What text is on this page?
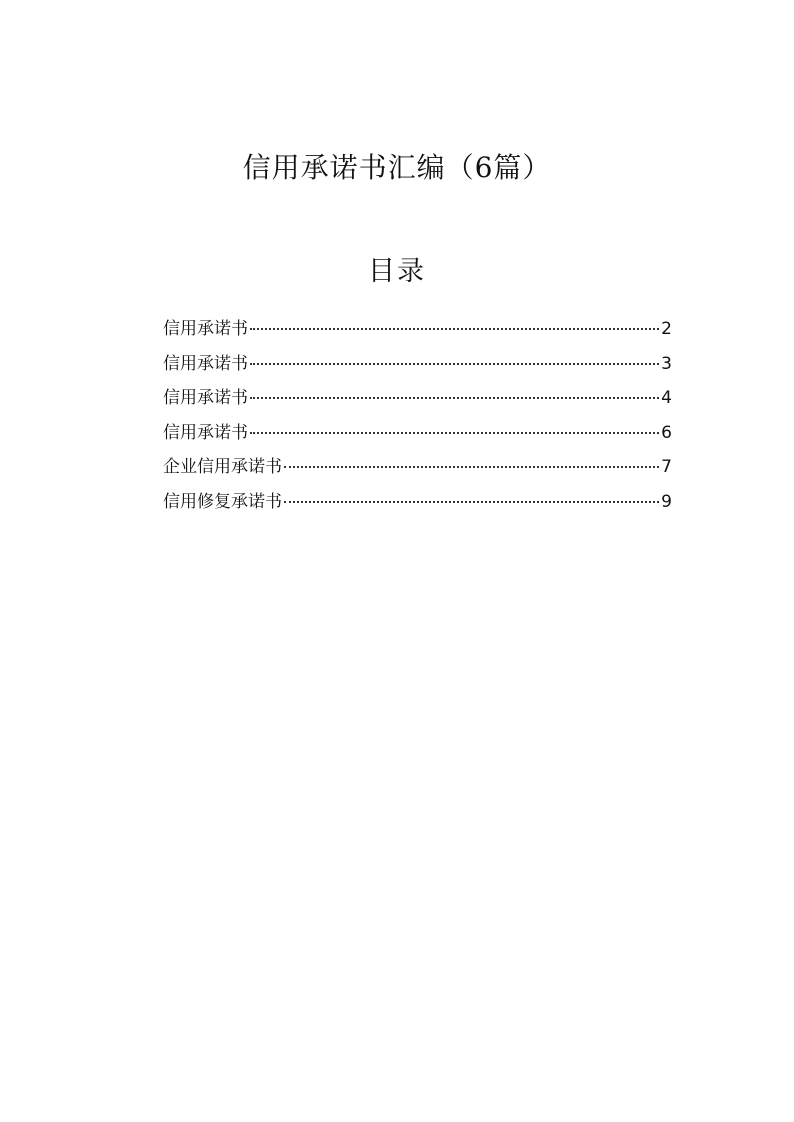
信用承诺书汇编（6篇）
目录
信用承诺书	2
信用承诺书	3
信用承诺书	4
信用承诺书	6
企业信用承诺书	7
信用修复承诺书	9
